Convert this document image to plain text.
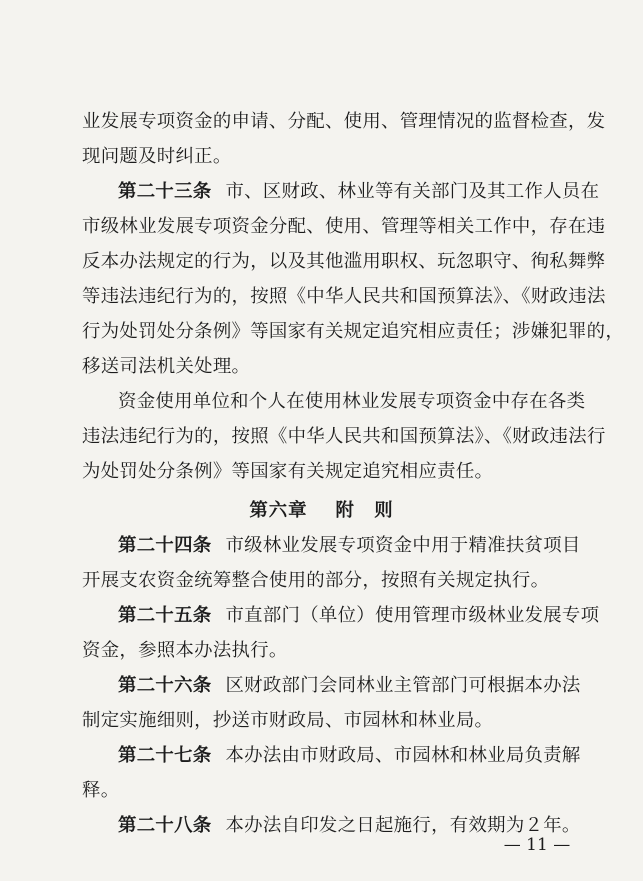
业发展专项资金的申请、分配、使用、管理情况的监督检查，发
现问题及时纠正。
第二十三条 市、区财政、林业等有关部门及其工作人员在
市级林业发展专项资金分配、使用、管理等相关工作中，存在违
反本办法规定的行为，以及其他滥用职权、玩忽职守、徇私舞弊
等违法违纪行为的，按照《中华人民共和国预算法》、《财政违法
行为处罚处分条例》等国家有关规定追究相应责任；涉嫌犯罪的，
移送司法机关处理。
资金使用单位和个人在使用林业发展专项资金中存在各类
违法违纪行为的，按照《中华人民共和国预算法》、《财政违法行
为处罚处分条例》等国家有关规定追究相应责任。
第六章 附　则
第二十四条 市级林业发展专项资金中用于精准扶贫项目
开展支农资金统筹整合使用的部分，按照有关规定执行。
第二十五条 市直部门（单位）使用管理市级林业发展专项
资金，参照本办法执行。
第二十六条 区财政部门会同林业主管部门可根据本办法
制定实施细则，抄送市财政局、市园林和林业局。
第二十七条 本办法由市财政局、市园林和林业局负责解
释。
第二十八条 本办法自印发之日起施行，有效期为２年。
— 11 —
